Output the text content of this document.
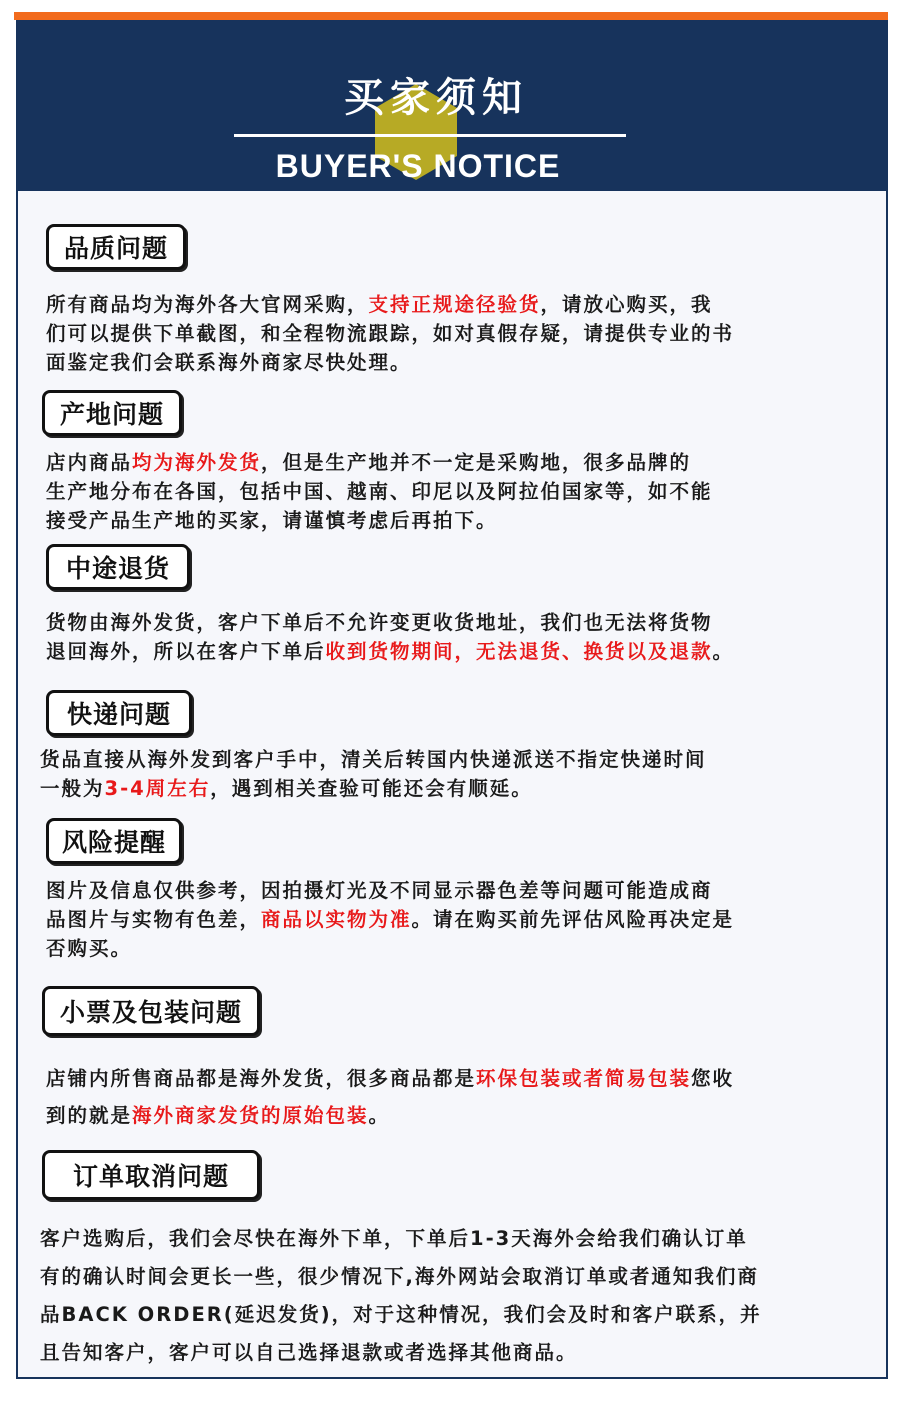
买家须知
BUYER'S NOTICE
品质问题
所有商品均为海外各大官网采购，支持正规途径验货，请放心购买，我
们可以提供下单截图，和全程物流跟踪，如对真假存疑，请提供专业的书
面鉴定我们会联系海外商家尽快处理。
产地问题
店内商品均为海外发货，但是生产地并不一定是采购地，很多品牌的
生产地分布在各国，包括中国、越南、印尼以及阿拉伯国家等，如不能
接受产品生产地的买家，请谨慎考虑后再拍下。
中途退货
货物由海外发货，客户下单后不允许变更收货地址，我们也无法将货物
退回海外，所以在客户下单后收到货物期间，无法退货、换货以及退款。
快递问题
货品直接从海外发到客户手中，清关后转国内快递派送不指定快递时间
一般为3-4周左右，遇到相关查验可能还会有顺延。
风险提醒
图片及信息仅供参考，因拍摄灯光及不同显示器色差等问题可能造成商
品图片与实物有色差，商品以实物为准。请在购买前先评估风险再决定是
否购买。
小票及包装问题
店铺内所售商品都是海外发货，很多商品都是环保包装或者简易包装您收
到的就是海外商家发货的原始包装。
订单取消问题
客户选购后，我们会尽快在海外下单，下单后1-3天海外会给我们确认订单
有的确认时间会更长一些，很少情况下,海外网站会取消订单或者通知我们商
品BACK ORDER(延迟发货)，对于这种情况，我们会及时和客户联系，并
且告知客户，客户可以自己选择退款或者选择其他商品。
